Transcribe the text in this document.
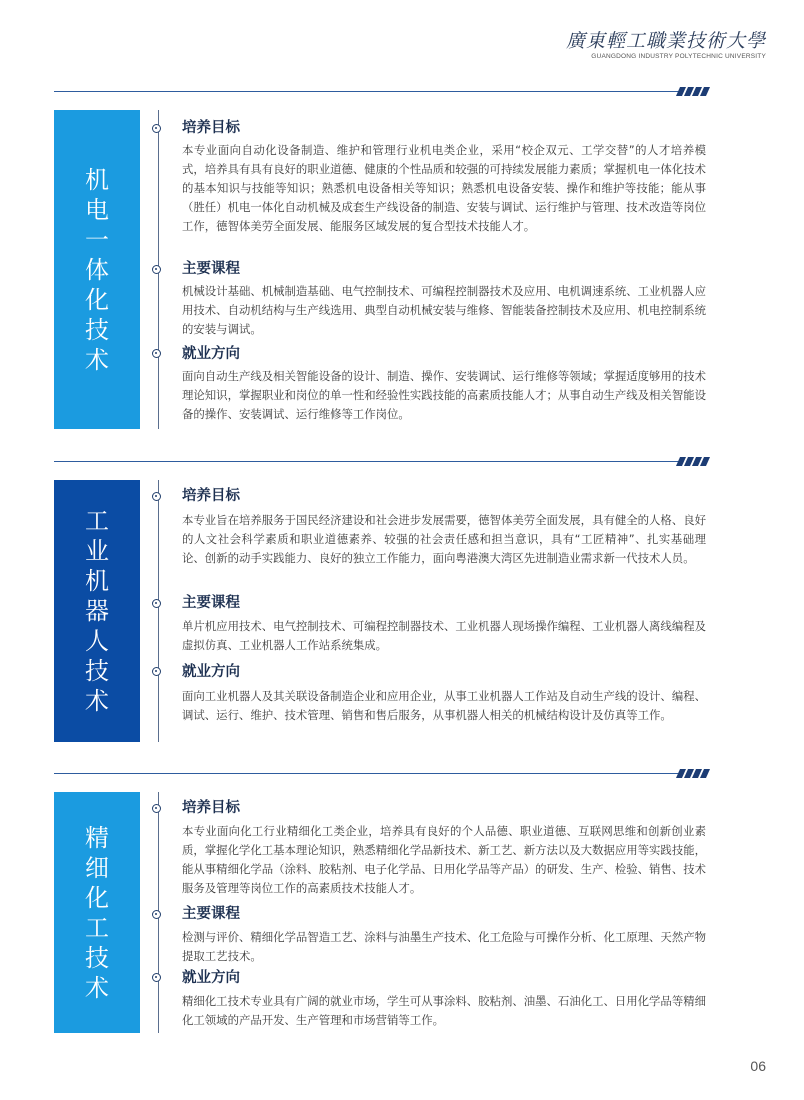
廣東輕工職業技術大學
GUANGDONG INDUSTRY POLYTECHNIC UNIVERSITY
机电一体化技术
培养目标
本专业面向自动化设备制造、维护和管理行业机电类企业，采用“校企双元、工学交替”的人才培养模式，培养具有具有良好的职业道德、健康的个性品质和较强的可持续发展能力素质；掌握机电一体化技术的基本知识与技能等知识；熟悉机电设备相关等知识；熟悉机电设备安装、操作和维护等技能；能从事（胜任）机电一体化自动机械及成套生产线设备的制造、安装与调试、运行维护与管理、技术改造等岗位工作，德智体美劳全面发展、能服务区域发展的复合型技术技能人才。
主要课程
机械设计基础、机械制造基础、电气控制技术、可编程控制器技术及应用、电机调速系统、工业机器人应用技术、自动机结构与生产线选用、典型自动机械安装与维修、智能装备控制技术及应用、机电控制系统的安装与调试。
就业方向
面向自动生产线及相关智能设备的设计、制造、操作、安装调试、运行维修等领域；掌握适度够用的技术理论知识，掌握职业和岗位的单一性和经验性实践技能的高素质技能人才；从事自动生产线及相关智能设备的操作、安装调试、运行维修等工作岗位。
工业机器人技术
培养目标
本专业旨在培养服务于国民经济建设和社会进步发展需要，德智体美劳全面发展，具有健全的人格、良好的人文社会科学素质和职业道德素养、较强的社会责任感和担当意识，具有“工匠精神”、扎实基础理论、创新的动手实践能力、良好的独立工作能力，面向粤港澳大湾区先进制造业需求新一代技术人员。
主要课程
单片机应用技术、电气控制技术、可编程控制器技术、工业机器人现场操作编程、工业机器人离线编程及虚拟仿真、工业机器人工作站系统集成。
就业方向
面向工业机器人及其关联设备制造企业和应用企业，从事工业机器人工作站及自动生产线的设计、编程、调试、运行、维护、技术管理、销售和售后服务，从事机器人相关的机械结构设计及仿真等工作。
精细化工技术
培养目标
本专业面向化工行业精细化工类企业，培养具有良好的个人品德、职业道德、互联网思维和创新创业素质，掌握化学化工基本理论知识，熟悉精细化学品新技术、新工艺、新方法以及大数据应用等实践技能，能从事精细化学品（涂料、胶粘剂、电子化学品、日用化学品等产品）的研发、生产、检验、销售、技术服务及管理等岗位工作的高素质技术技能人才。
主要课程
检测与评价、精细化学品智造工艺、涂料与油墨生产技术、化工危险与可操作分析、化工原理、天然产物提取工艺技术。
就业方向
精细化工技术专业具有广阔的就业市场，学生可从事涂料、胶粘剂、油墨、石油化工、日用化学品等精细化工领域的产品开发、生产管理和市场营销等工作。
06
